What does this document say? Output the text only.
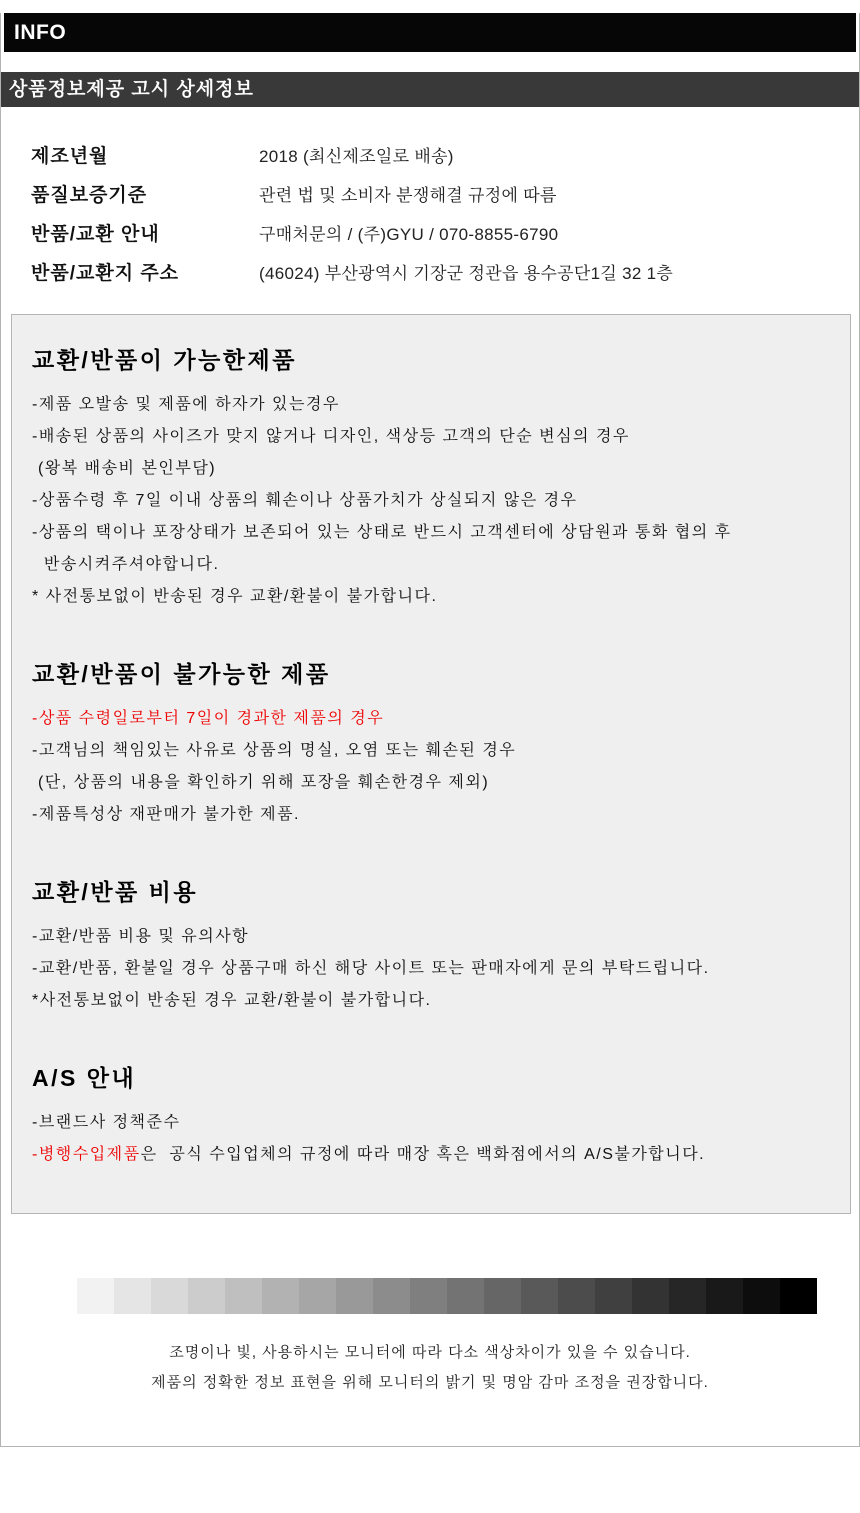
INFO
상품정보제공 고시 상세정보
제조년월	2018 (최신제조일로 배송)
품질보증기준	관련 법 및 소비자 분쟁해결 규정에 따름
반품/교환 안내	구매처문의 / (주)GYU / 070-8855-6790
반품/교환지 주소	(46024) 부산광역시 기장군 정관읍 용수공단1길 32 1층
교환/반품이 가능한제품
-제품 오발송 및 제품에 하자가 있는경우
-배송된 상품의 사이즈가 맞지 않거나 디자인, 색상등 고객의 단순 변심의 경우
(왕복 배송비 본인부담)
-상품수령 후 7일 이내 상품의 훼손이나 상품가치가 상실되지 않은 경우
-상품의 택이나 포장상태가 보존되어 있는 상태로 반드시 고객센터에 상담원과 통화 협의 후
반송시켜주셔야합니다.
* 사전통보없이 반송된 경우 교환/환불이 불가합니다.
교환/반품이 불가능한 제품
-상품 수령일로부터 7일이 경과한 제품의 경우
-고객님의 책임있는 사유로 상품의 명실, 오염 또는 훼손된 경우
(단, 상품의 내용을 확인하기 위해 포장을 훼손한경우 제외)
-제품특성상 재판매가 불가한 제품.
교환/반품 비용
-교환/반품 비용 및 유의사항
-교환/반품, 환불일 경우 상품구매 하신 해당 사이트 또는 판매자에게 문의 부탁드립니다.
*사전통보없이 반송된 경우 교환/환불이 불가합니다.
A/S 안내
-브랜드사 정책준수
-병행수입제품은  공식 수입업체의 규정에 따라 매장 혹은 백화점에서의 A/S불가합니다.
조명이나 빛, 사용하시는 모니터에 따라 다소 색상차이가 있을 수 있습니다.
제품의 정확한 정보 표현을 위해 모니터의 밝기 및 명암 감마 조정을 권장합니다.
